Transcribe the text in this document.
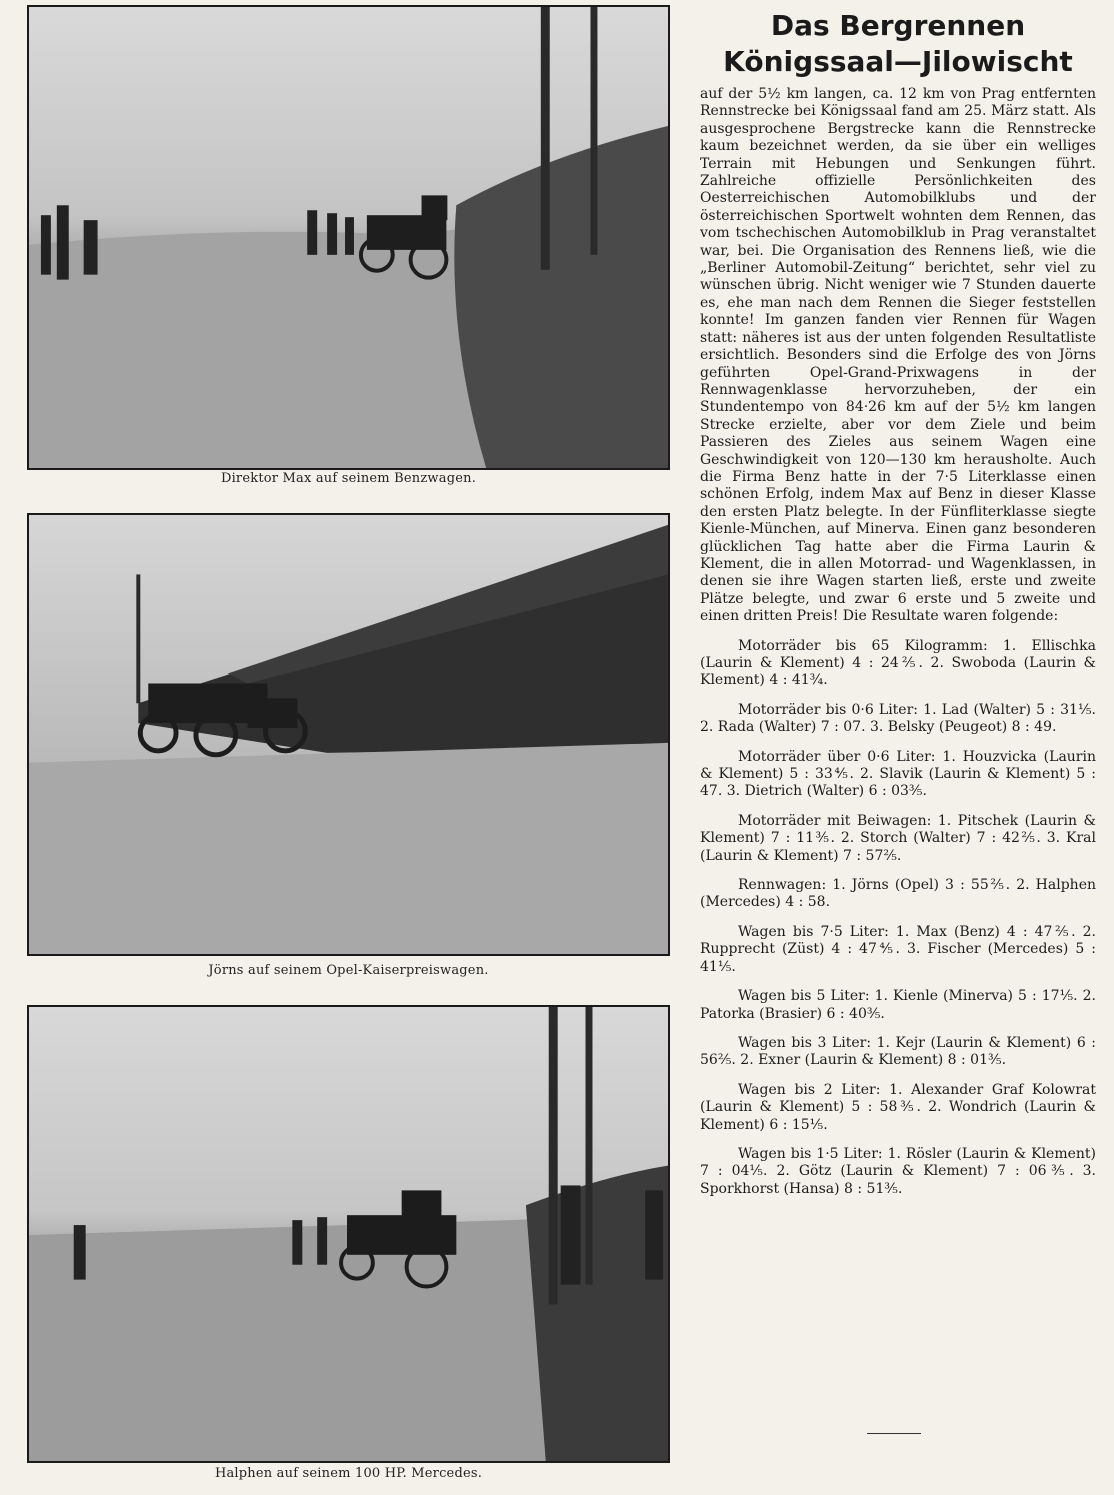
Direktor Max auf seinem Benzwagen.
Jörns auf seinem Opel-Kaiserpreiswagen.
Halphen auf seinem 100 HP. Mercedes.
Das Bergrennen
Königssaal—Jilowischt

auf der 5½ km langen, ca. 12 km von Prag entfernten Rennstrecke bei Königssaal fand am 25. März statt. Als ausgesprochene Bergstrecke kann die Rennstrecke kaum bezeichnet werden, da sie über ein welliges Terrain mit Hebungen und Senkungen führt. Zahlreiche offizielle Persönlichkeiten des Oesterreichischen Automobilklubs und der österreichischen Sportwelt wohnten dem Rennen, das vom tschechischen Automobilklub in Prag veranstaltet war, bei. Die Organisation des Rennens ließ, wie die „Berliner Automobil-Zeitung“ berichtet, sehr viel zu wünschen übrig. Nicht weniger wie 7 Stunden dauerte es, ehe man nach dem Rennen die Sieger feststellen konnte! Im ganzen fanden vier Rennen für Wagen statt: näheres ist aus der unten folgenden Resultatliste ersichtlich. Besonders sind die Erfolge des von Jörns geführten Opel-Grand-Prixwagens in der Rennwagenklasse hervorzuheben, der ein Stundentempo von 84·26 km auf der 5½ km langen Strecke erzielte, aber vor dem Ziele und beim Passieren des Zieles aus seinem Wagen eine Geschwindigkeit von 120—130 km herausholte. Auch die Firma Benz hatte in der 7·5 Literklasse einen schönen Erfolg, indem Max auf Benz in dieser Klasse den ersten Platz belegte. In der Fünfliterklasse siegte Kienle-München, auf Minerva. Einen ganz besonderen glücklichen Tag hatte aber die Firma Laurin & Klement, die in allen Motorrad- und Wagenklassen, in denen sie ihre Wagen starten ließ, erste und zweite Plätze belegte, und zwar 6 erste und 5 zweite und einen dritten Preis! Die Resultate waren folgende:

Motorräder bis 65 Kilogramm: 1. Ellischka (Laurin & Klement) 4 : 24⅖. 2. Swoboda (Laurin & Klement) 4 : 41¾.

Motorräder bis 0·6 Liter: 1. Lad (Walter) 5 : 31⅕. 2. Rada (Walter) 7 : 07. 3. Belsky (Peugeot) 8 : 49.

Motorräder über 0·6 Liter: 1. Houzvicka (Laurin & Klement) 5 : 33⅘. 2. Slavik (Laurin & Klement) 5 : 47. 3. Dietrich (Walter) 6 : 03⅗.

Motorräder mit Beiwagen: 1. Pitschek (Laurin & Klement) 7 : 11⅗. 2. Storch (Walter) 7 : 42⅖. 3. Kral (Laurin & Klement) 7 : 57⅖.

Rennwagen: 1. Jörns (Opel) 3 : 55⅖. 2. Halphen (Mercedes) 4 : 58.

Wagen bis 7·5 Liter: 1. Max (Benz) 4 : 47⅖. 2. Rupprecht (Züst) 4 : 47⅘. 3. Fischer (Mercedes) 5 : 41⅕.

Wagen bis 5 Liter: 1. Kienle (Minerva) 5 : 17⅕. 2. Patorka (Brasier) 6 : 40⅗.

Wagen bis 3 Liter: 1. Kejr (Laurin & Klement) 6 : 56⅖. 2. Exner (Laurin & Klement) 8 : 01⅗.

Wagen bis 2 Liter: 1. Alexander Graf Kolowrat (Laurin & Klement) 5 : 58⅗. 2. Wondrich (Laurin & Klement) 6 : 15⅕.

Wagen bis 1·5 Liter: 1. Rösler (Laurin & Klement) 7 : 04⅕. 2. Götz (Laurin & Klement) 7 : 06⅗. 3. Sporkhorst (Hansa) 8 : 51⅗.
